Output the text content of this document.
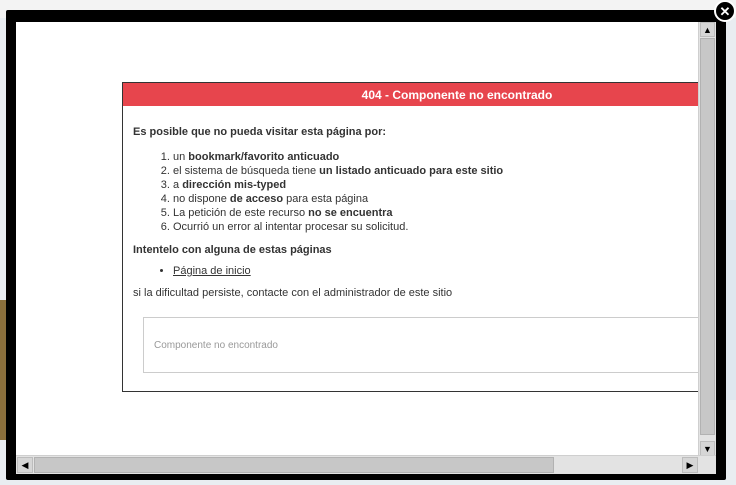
404 - Componente no encontrado
Es posible que no pueda visitar esta página por:
1. un bookmark/favorito anticuado
2. el sistema de búsqueda tiene un listado anticuado para este sitio
3. a dirección mis-typed
4. no dispone de acceso para esta página
5. La petición de este recurso no se encuentra
6. Ocurrió un error al intentar procesar su solicitud.
Intentelo con alguna de estas páginas
• Página de inicio
si la dificultad persiste, contacte con el administrador de este sitio
Componente no encontrado
▲
▼
◀	▶
✕
